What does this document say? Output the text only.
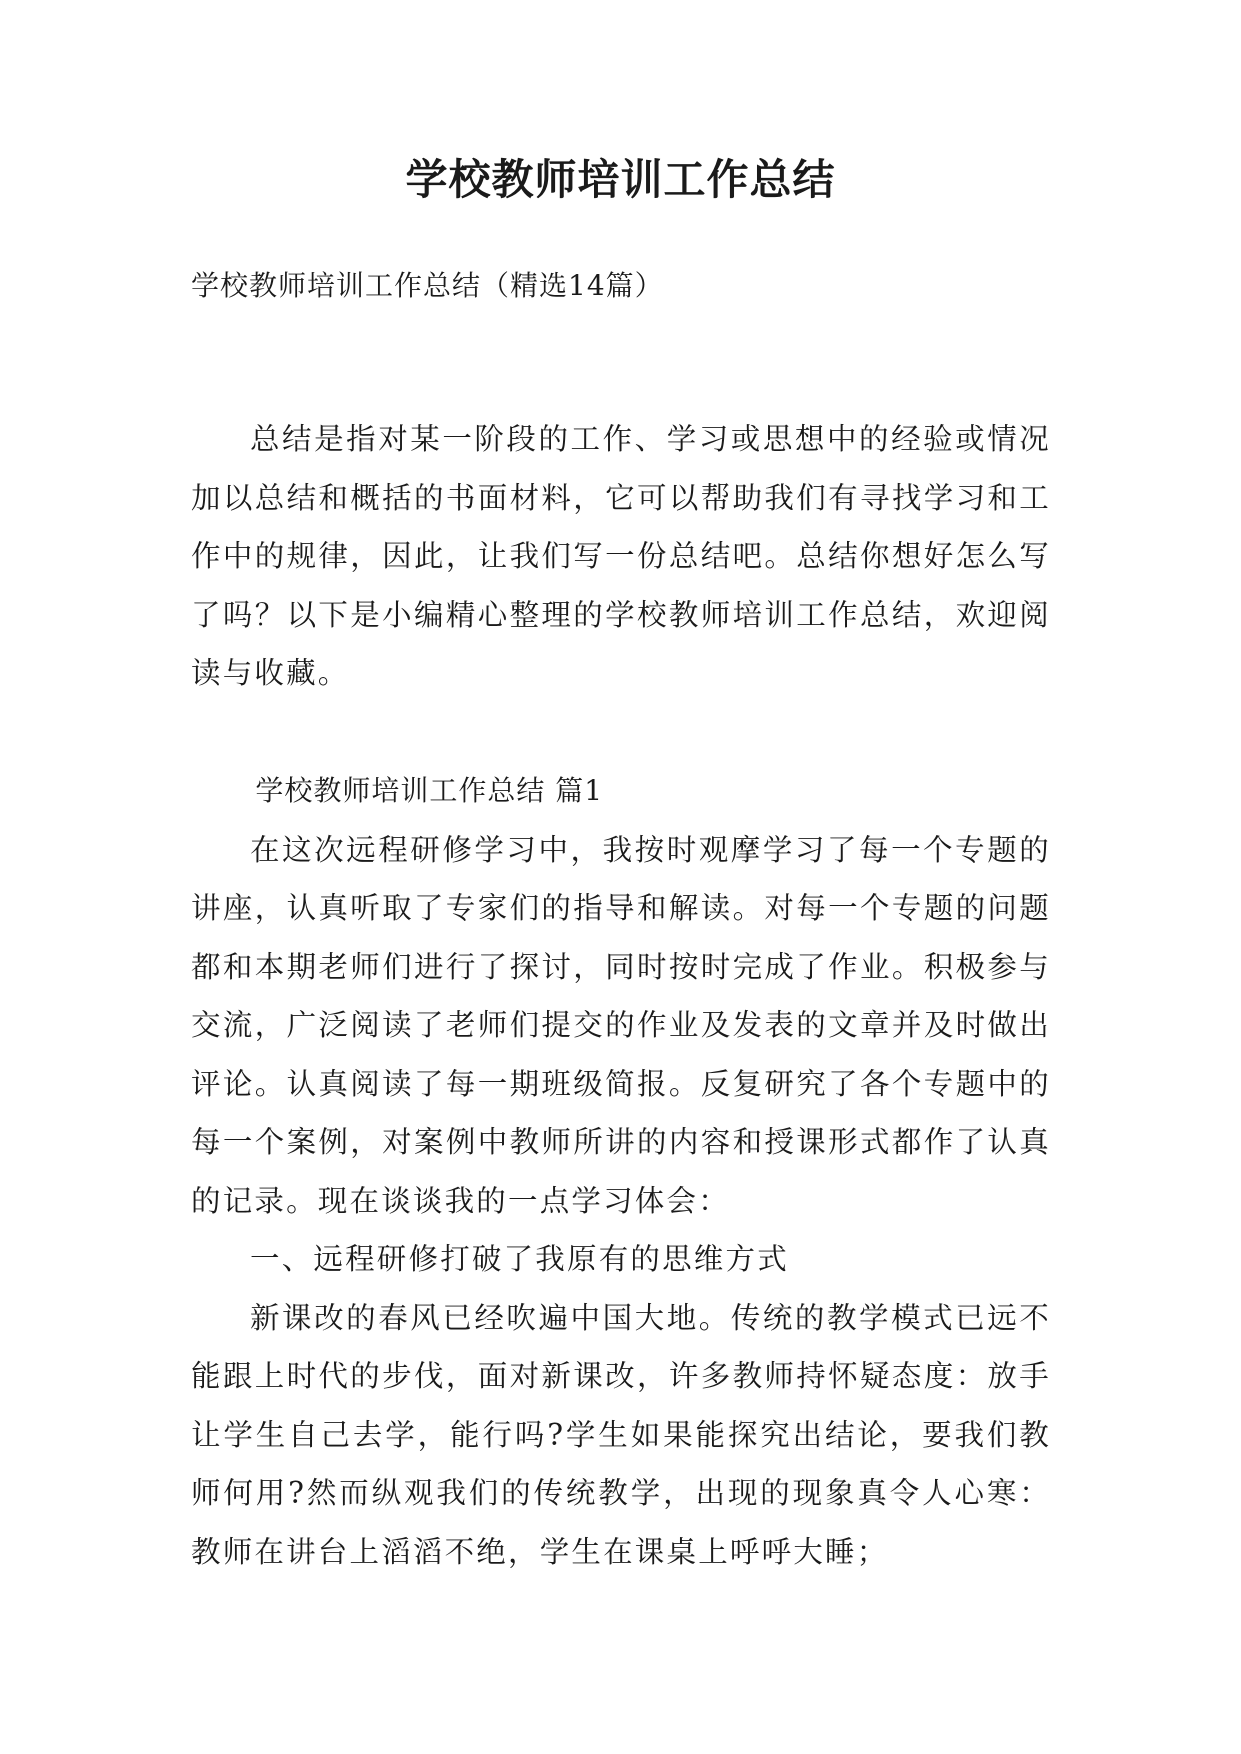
学校教师培训工作总结

学校教师培训工作总结（精选14篇）

总结是指对某一阶段的工作、学习或思想中的经验或情况加以总结和概括的书面材料，它可以帮助我们有寻找学习和工作中的规律，因此，让我们写一份总结吧。总结你想好怎么写了吗？以下是小编精心整理的学校教师培训工作总结，欢迎阅读与收藏。

学校教师培训工作总结 篇1

在这次远程研修学习中，我按时观摩学习了每一个专题的讲座，认真听取了专家们的指导和解读。对每一个专题的问题都和本期老师们进行了探讨，同时按时完成了作业。积极参与交流，广泛阅读了老师们提交的作业及发表的文章并及时做出评论。认真阅读了每一期班级简报。反复研究了各个专题中的每一个案例，对案例中教师所讲的内容和授课形式都作了认真的记录。现在谈谈我的一点学习体会：

一、远程研修打破了我原有的思维方式

新课改的春风已经吹遍中国大地。传统的教学模式已远不能跟上时代的步伐，面对新课改，许多教师持怀疑态度：放手让学生自己去学，能行吗?学生如果能探究出结论，要我们教师何用?然而纵观我们的传统教学，出现的现象真令人心寒：教师在讲台上滔滔不绝，学生在课桌上呼呼大睡；
